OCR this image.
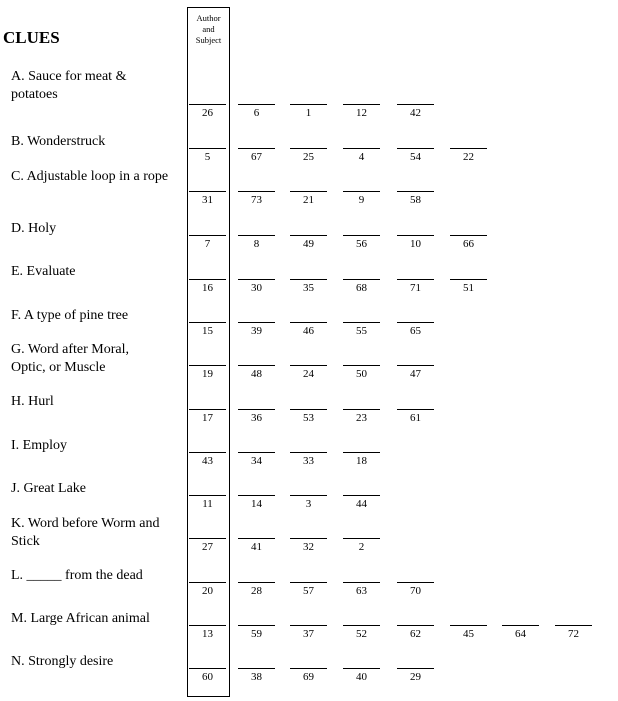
CLUES
Author
and
Subject
A. Sauce for meat & potatoes
26	6	1	12	42
B. Wonderstruck
5	67	25	4	54	22
C. Adjustable loop in a rope
31	73	21	9	58
D. Holy
7	8	49	56	10	66
E. Evaluate
16	30	35	68	71	51
F. A type of pine tree
15	39	46	55	65
G. Word after Moral, Optic, or Muscle	19	48	24	50	47
H. Hurl
17	36	53	23	61
I. Employ
43	34	33	18
J. Great Lake
11	14	3	44
K. Word before Worm and Stick	27	41	32	2
L. _____ from the dead
20	28	57	63	70
M. Large African animal
13	59	37	52	62	45	64	72
N. Strongly desire
60	38	69	40	29
